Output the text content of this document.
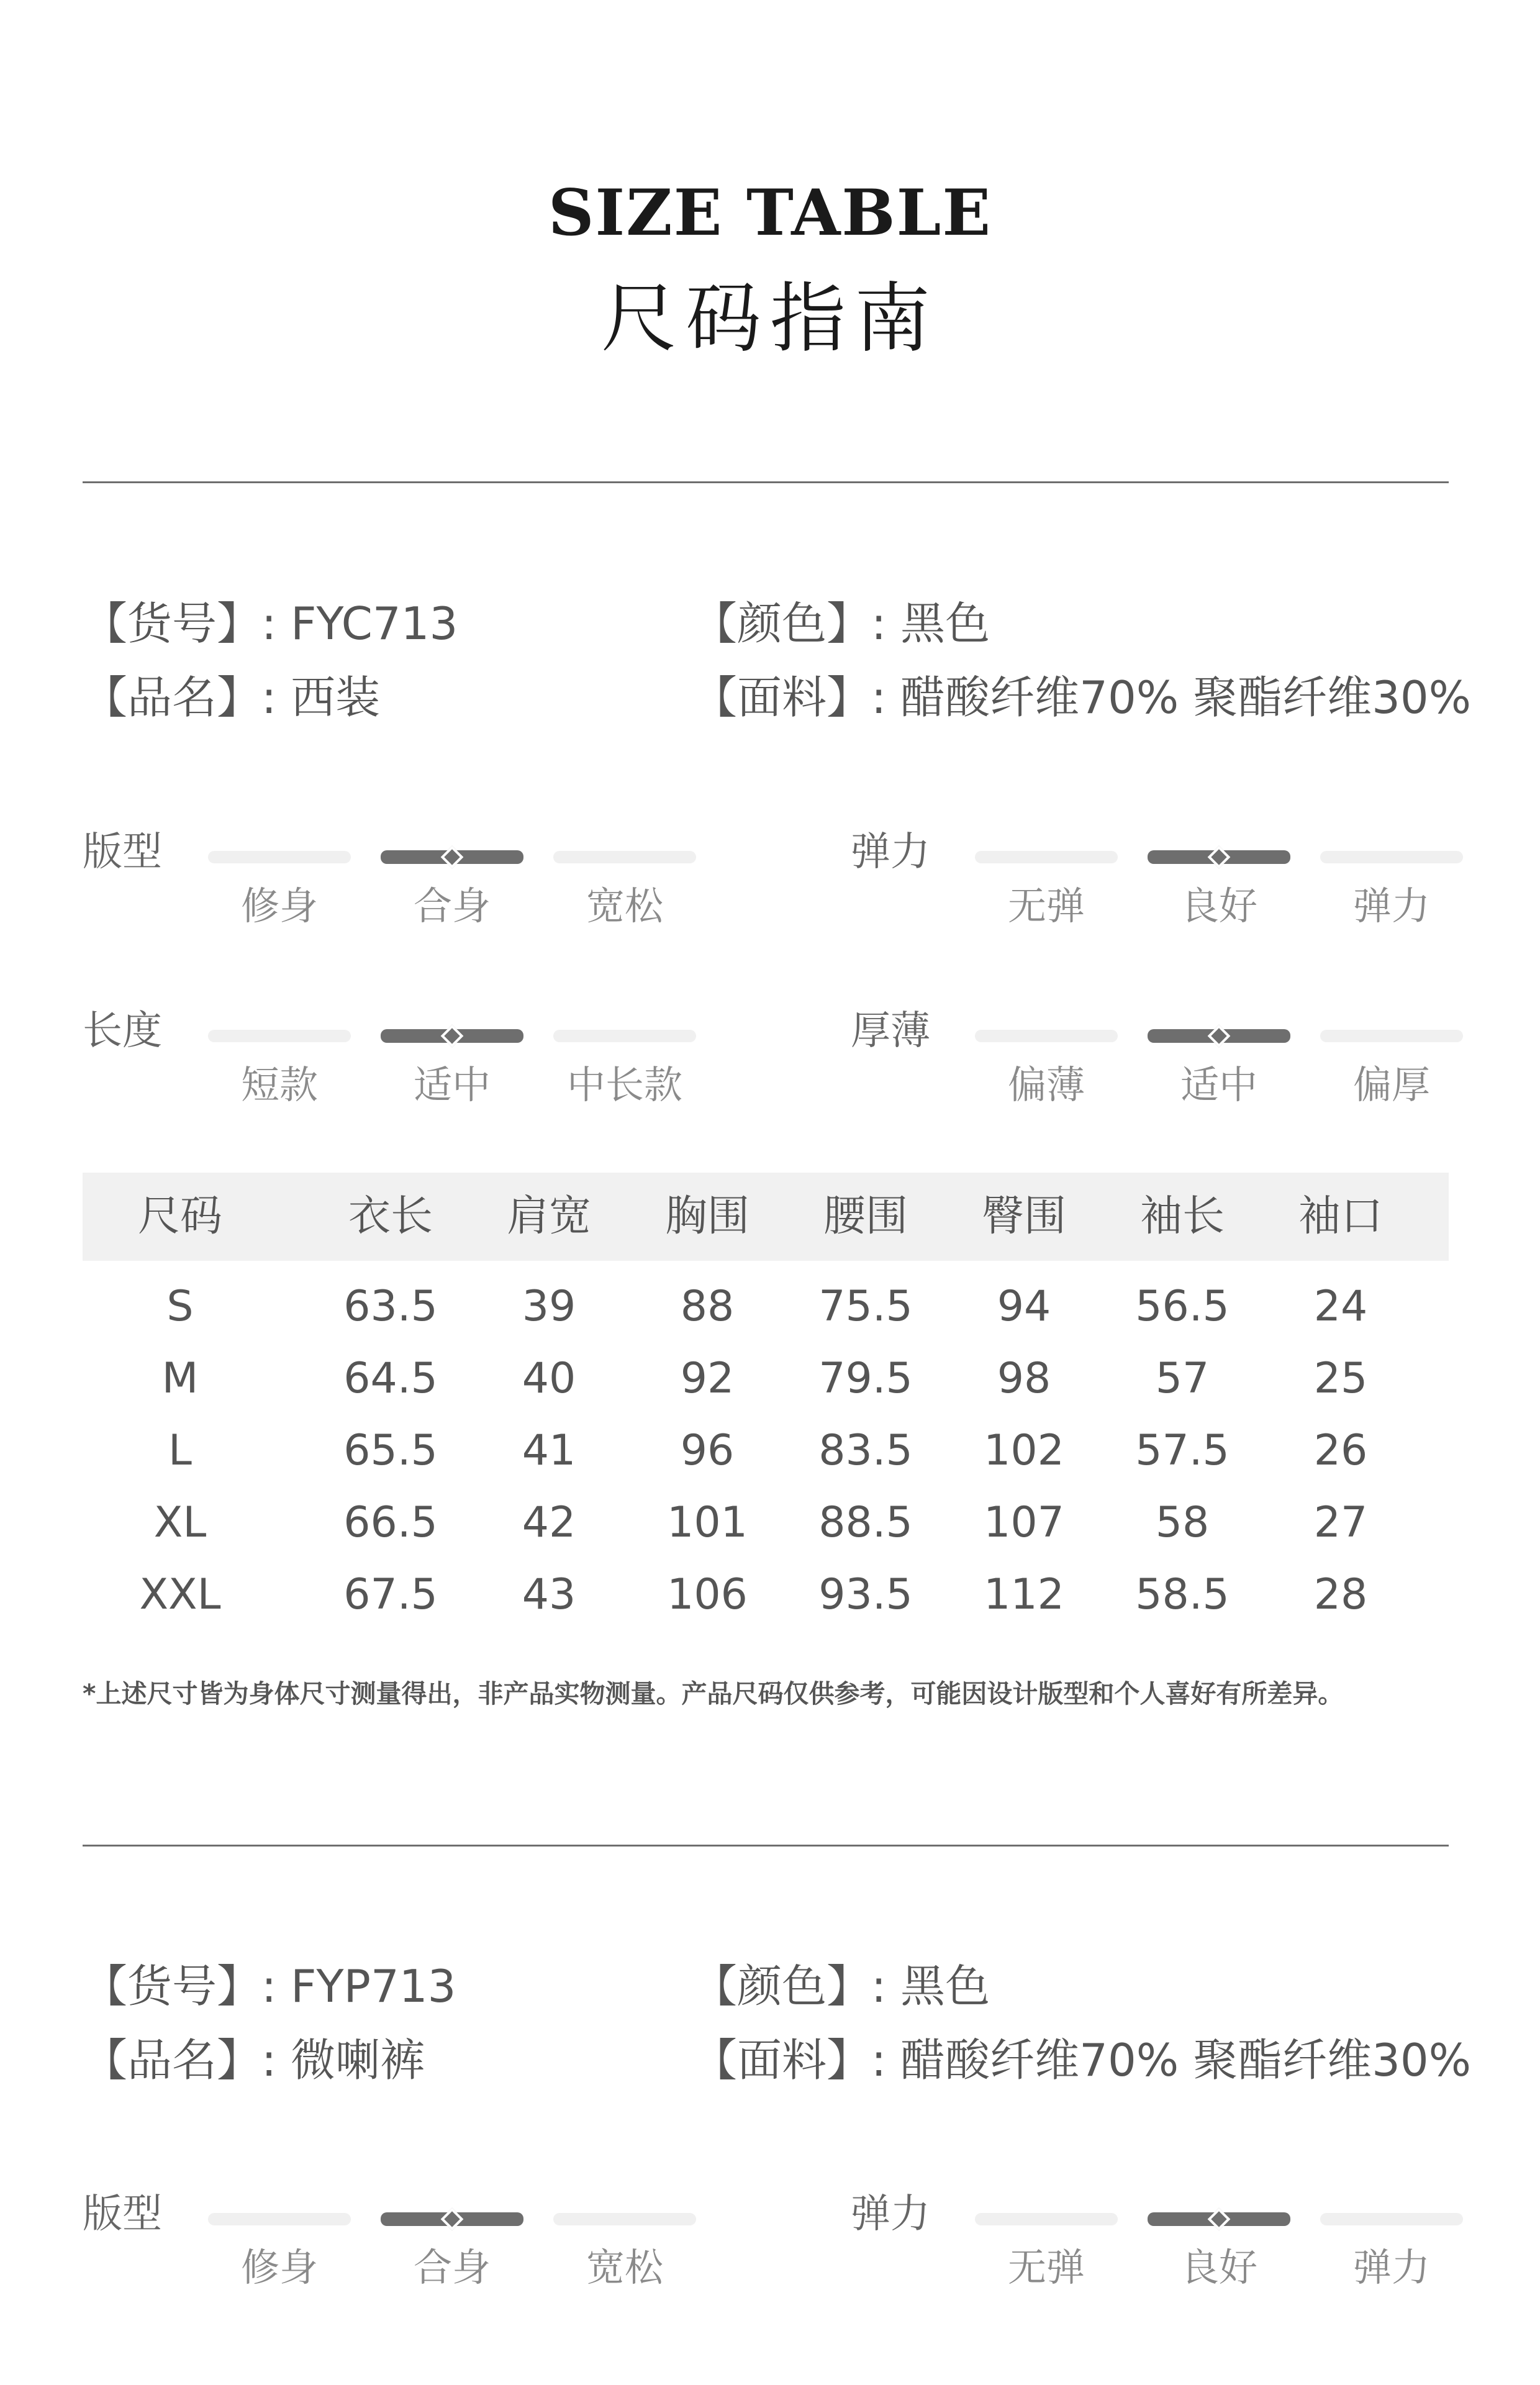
SIZE TABLE
尺码指南
【货号】: FYC713
【品名】: 西装
【颜色】: 黑色
【面料】: 醋酸纤维70% 聚酯纤维30%
版型
修身	合身	宽松
弹力
无弹	良好	弹力
长度
短款	适中	中长款
厚薄
偏薄	适中	偏厚
尺码	衣长	肩宽	胸围	腰围	臀围	袖长	袖口
S	63.5	39	88	75.5	94	56.5	24
M	64.5	40	92	79.5	98	57	25
L	65.5	41	96	83.5	102	57.5	26
XL	66.5	42	101	88.5	107	58	27
XXL	67.5	43	106	93.5	112	58.5	28
*上述尺寸皆为身体尺寸测量得出，非产品实物测量。产品尺码仅供参考，可能因设计版型和个人喜好有所差异。
【货号】: FYP713
【品名】: 微喇裤
【颜色】: 黑色
【面料】: 醋酸纤维70% 聚酯纤维30%
版型
修身	合身	宽松
弹力
无弹	良好	弹力
